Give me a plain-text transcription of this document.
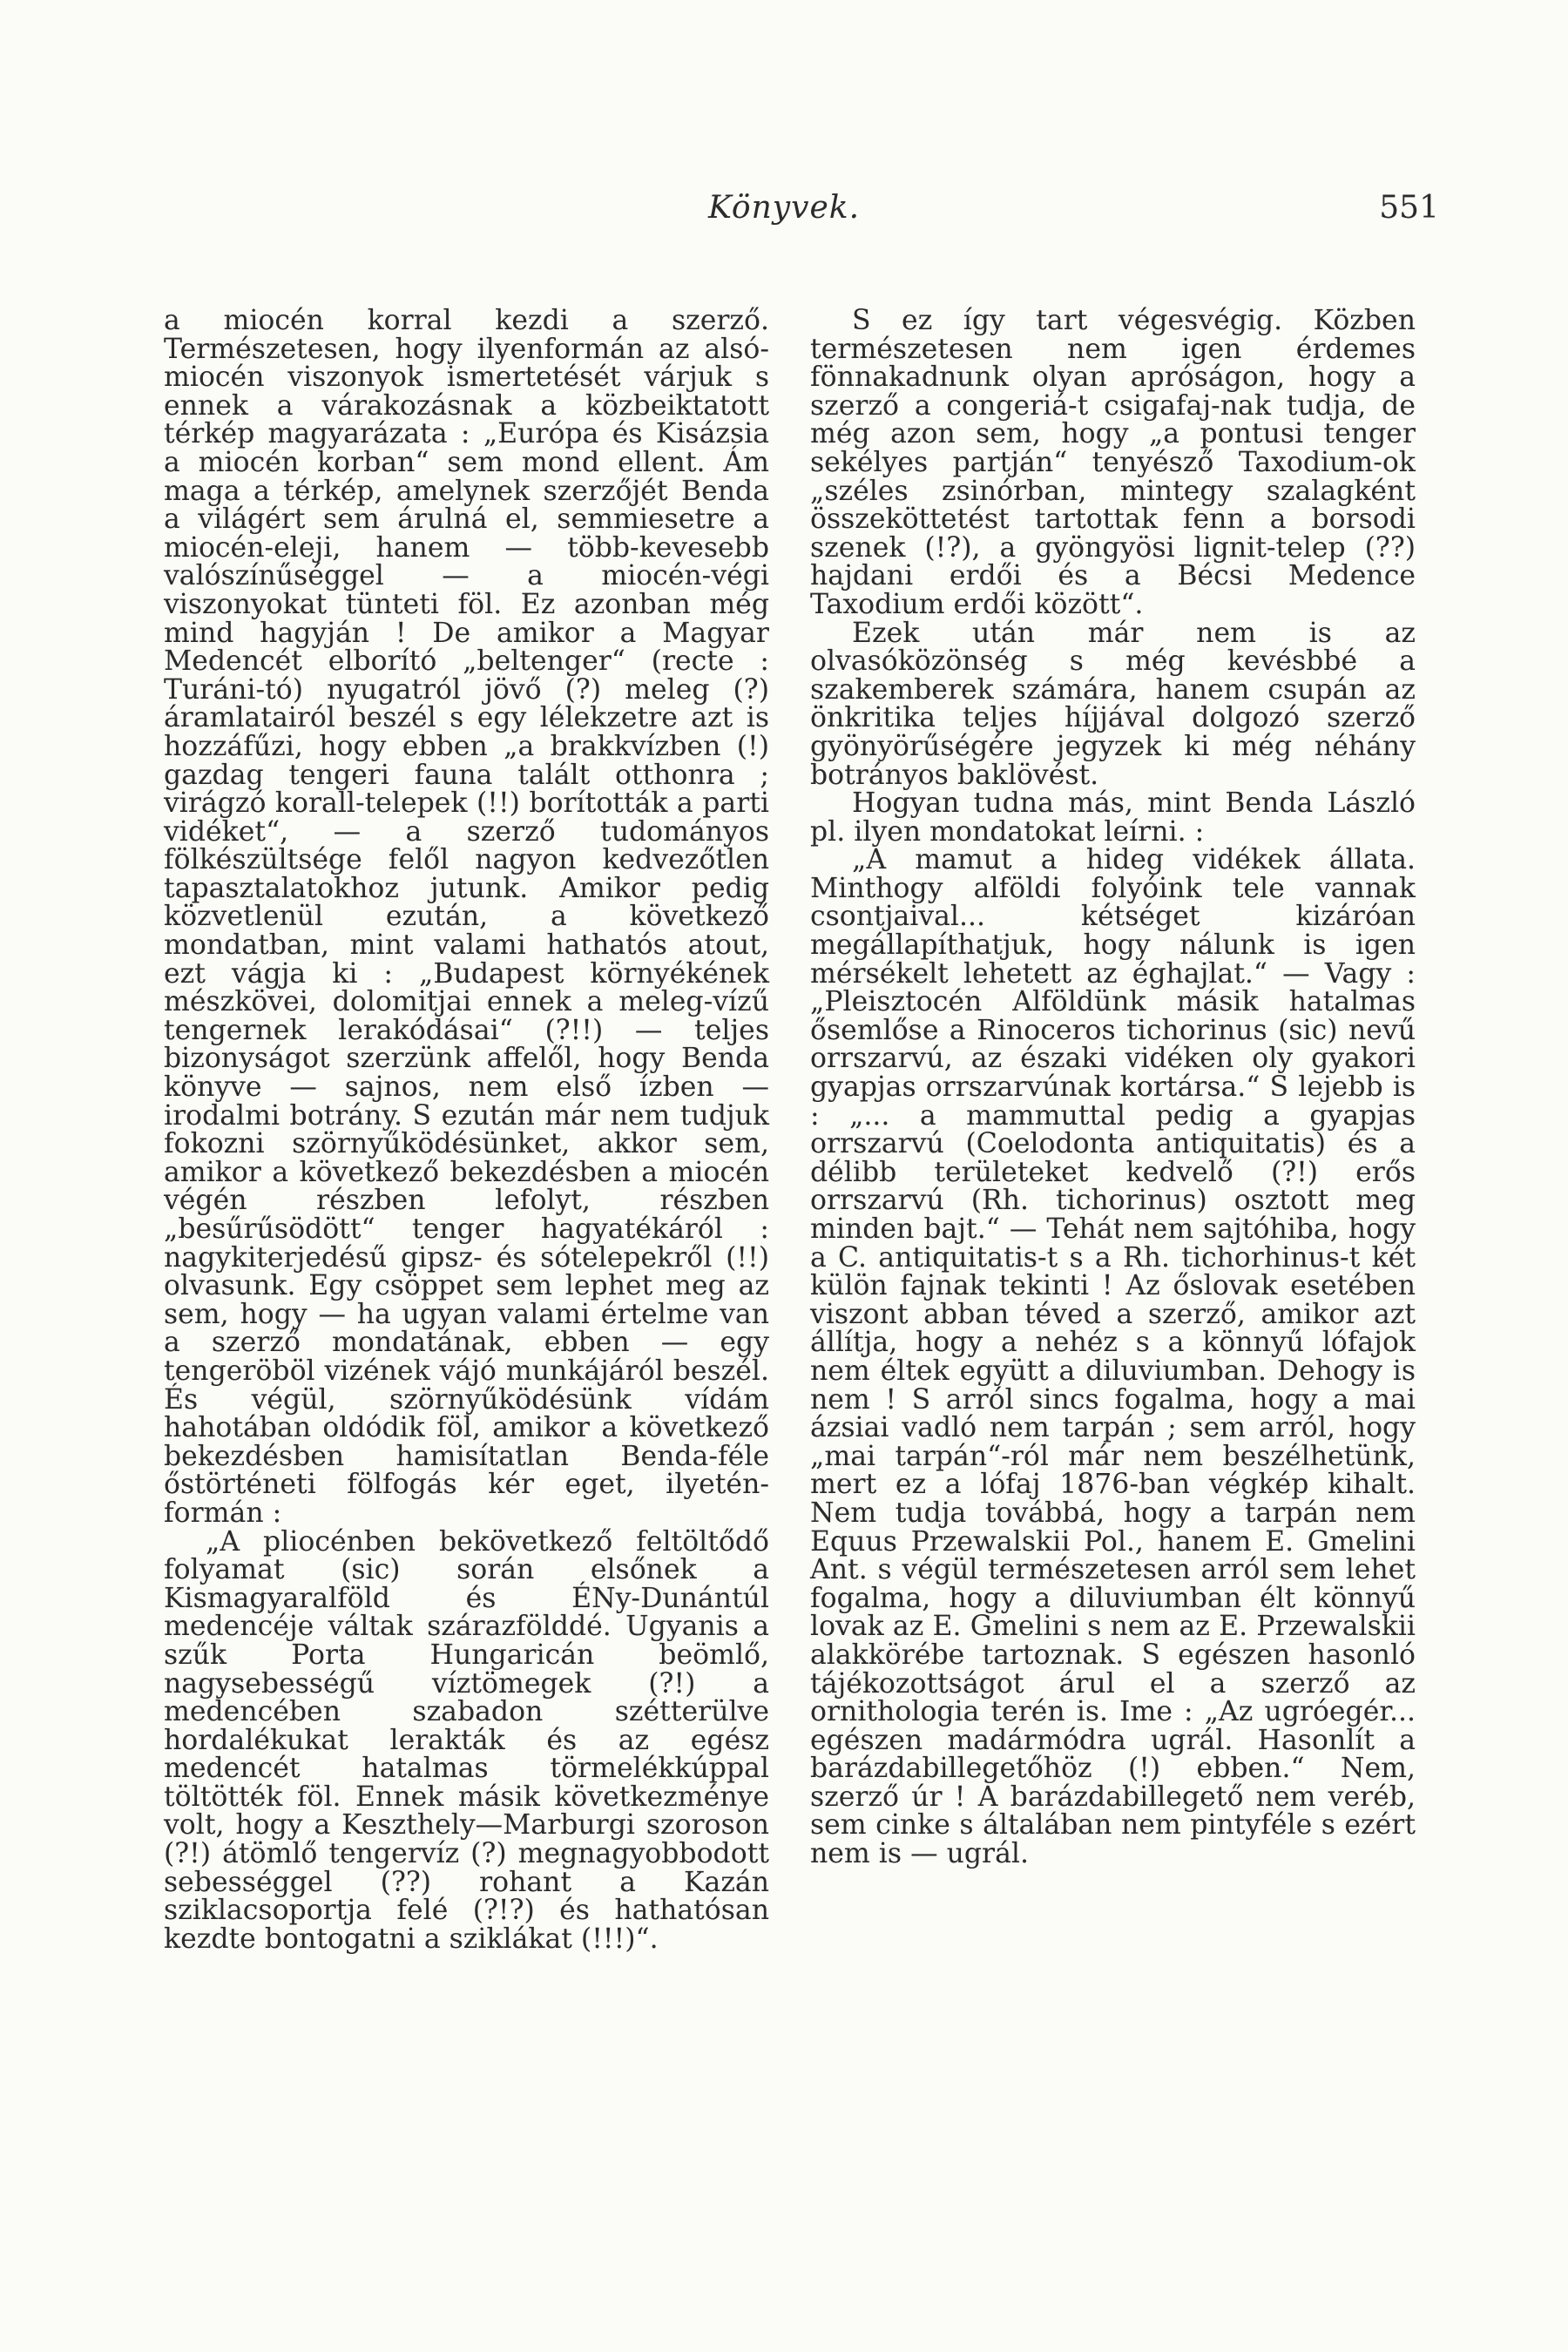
Könyvek.	551

a miocén korral kezdi a szerző. Természetesen, hogy ilyenformán az alsó-miocén viszonyok ismertetését várjuk s ennek a várakozásnak a közbeiktatott térkép magyarázata : „Európa és Kisázsia a miocén korban“ sem mond ellent. Ám maga a térkép, amelynek szerzőjét Benda a világért sem árulná el, semmiesetre a miocén-eleji, hanem — több-kevesebb valószínűséggel — a miocén-végi viszonyokat tünteti föl. Ez azonban még mind hagyján ! De amikor a Magyar Medencét elborító „beltenger“ (recte : Turáni-tó) nyugatról jövő (?) meleg (?) áramlatairól beszél s egy lélekzetre azt is hozzáfűzi, hogy ebben „a brakkvízben (!) gazdag tengeri fauna talált otthonra ; virágzó korall-telepek (!!) borították a parti vidéket“, — a szerző tudományos fölkészültsége felől nagyon kedvezőtlen tapasztalatokhoz jutunk. Amikor pedig közvetlenül ezután, a következő mondatban, mint valami hathatós atout, ezt vágja ki : „Budapest környékének mészkövei, dolomitjai ennek a meleg-vízű tengernek lerakódásai“ (?!!) — teljes bizonyságot szerzünk affelől, hogy Benda könyve — sajnos, nem első ízben — irodalmi botrány. S ezután már nem tudjuk fokozni szörnyűködésünket, akkor sem, amikor a következő bekezdésben a miocén végén részben lefolyt, részben „besűrűsödött“ tenger hagyatékáról : nagykiterjedésű gipsz- és sótelepekről (!!) olvasunk. Egy csöppet sem lephet meg az sem, hogy — ha ugyan valami értelme van a szerző mondatának, ebben — egy tengeröböl vizének vájó munkájáról beszél. És végül, szörnyűködésünk vídám hahotában oldódik föl, amikor a következő bekezdésben hamisítatlan Benda-féle őstörténeti fölfogás kér eget, ilyetén-formán :

„A pliocénben bekövetkező feltöltődő folyamat (sic) során elsőnek a Kismagyaralföld és ÉNy-Dunántúl medencéje váltak szárazfölddé. Ugyanis a szűk Porta Hungaricán beömlő, nagysebességű víztömegek (?!) a medencében szabadon szétterülve hordalékukat lerakták és az egész medencét hatalmas törmelékkúppal töltötték föl. Ennek másik következménye volt, hogy a Keszthely—Marburgi szoroson (?!) átömlő tengervíz (?) megnagyobbodott sebességgel (??) rohant a Kazán sziklacsoportja felé (?!?) és hathatósan kezdte bontogatni a sziklákat (!!!)“.

S ez így tart végesvégig. Közben természetesen nem igen érdemes fönnakadnunk olyan apróságon, hogy a szerző a congeriá-t csigafaj-nak tudja, de még azon sem, hogy „a pontusi tenger sekélyes partján“ tenyésző Taxodium-ok „széles zsinórban, mintegy szalagként összeköttetést tartottak fenn a borsodi szenek (!?), a gyöngyösi lignit-telep (??) hajdani erdői és a Bécsi Medence Taxodium erdői között“.

Ezek után már nem is az olvasóközönség s még kevésbbé a szakemberek számára, hanem csupán az önkritika teljes híjjával dolgozó szerző gyönyörűségére jegyzek ki még néhány botrányos baklövést.

Hogyan tudna más, mint Benda László pl. ilyen mondatokat leírni. :

„A mamut a hideg vidékek állata. Minthogy alföldi folyóink tele vannak csontjaival... kétséget kizáróan megállapíthatjuk, hogy nálunk is igen mérsékelt lehetett az éghajlat.“ — Vagy : „Pleisztocén Alföldünk másik hatalmas ősemlőse a Rinoceros tichorinus (sic) nevű orrszarvú, az északi vidéken oly gyakori gyapjas orrszarvúnak kortársa.“ S lejebb is : „... a mammuttal pedig a gyapjas orrszarvú (Coelodonta antiquitatis) és a délibb területeket kedvelő (?!) erős orrszarvú (Rh. tichorinus) osztott meg minden bajt.“ — Tehát nem sajtóhiba, hogy a C. antiquitatis-t s a Rh. tichorhinus-t két külön fajnak tekinti ! Az őslovak esetében viszont abban téved a szerző, amikor azt állítja, hogy a nehéz s a könnyű lófajok nem éltek együtt a diluviumban. Dehogy is nem ! S arról sincs fogalma, hogy a mai ázsiai vadló nem tarpán ; sem arról, hogy „mai tarpán“-ról már nem beszélhetünk, mert ez a lófaj 1876-ban végkép kihalt. Nem tudja továbbá, hogy a tarpán nem Equus Przewalskii Pol., hanem E. Gmelini Ant. s végül természetesen arról sem lehet fogalma, hogy a diluviumban élt könnyű lovak az E. Gmelini s nem az E. Przewalskii alakkörébe tartoznak. S egészen hasonló tájékozottságot árul el a szerző az ornithologia terén is. Ime : „Az ugróegér... egészen madármódra ugrál. Hasonlít a barázdabillegetőhöz (!) ebben.“ Nem, szerző úr ! A barázdabillegető nem veréb, sem cinke s általában nem pintyféle s ezért nem is — ugrál.
